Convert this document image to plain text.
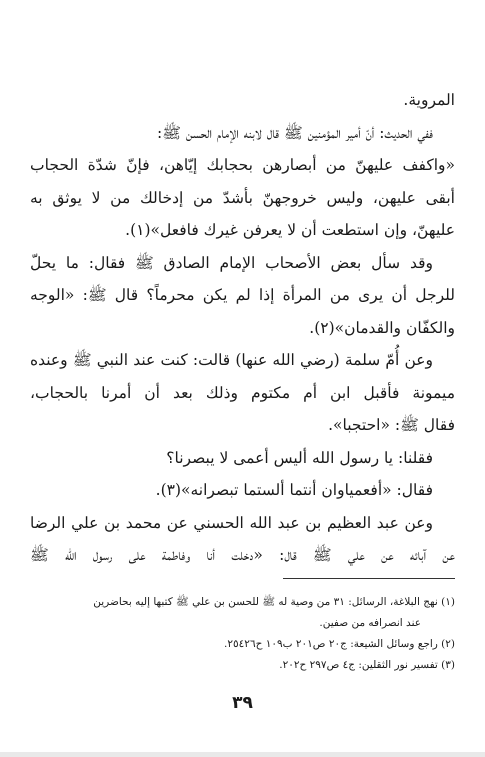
المروية.
ففي الحديث: أنّ أمير المؤمنين ﷺ قال لابنه الإمام الحسن ﷺ:
«واكفف عليهنّ من أبصارهن بحجابك إيّاهن، فإنّ شدّة الحجاب
أبقى عليهن، وليس خروجهنّ بأشدّ من إدخالك من لا يوثق به
عليهنّ، وإن استطعت أن لا يعرفن غيرك فافعل»(١).
وقد سأل بعض الأصحاب الإمام الصادق ﷺ فقال: ما يحلّ
للرجل أن يرى من المرأة إذا لم يكن محرماً؟ قال ﷺ: «الوجه
والكفّان والقدمان»(٢).
وعن أُمّ سلمة (رضي الله عنها) قالت: كنت عند النبي ﷺ وعنده
ميمونة فأقبل ابن أم مكتوم وذلك بعد أن أمرنا بالحجاب،
فقال ﷺ: «احتجبا».
فقلنا: يا رسول الله أليس أعمى لا يبصرنا؟
فقال: «أفعمياوان أنتما ألستما تبصرانه»(٣).
وعن عبد العظيم بن عبد الله الحسني عن محمد بن علي الرضا
عن آبائه عن علي ﷺ قال: «دخلت أنا وفاطمة على رسول الله ﷺ
(١) نهج البلاغة، الرسائل: ٣١ من وصية له ﷺ للحسن بن علي ﷺ كتبها إليه بحاضرين
عند انصرافه من صفين.
(٢) راجع وسائل الشيعة: ج٢٠ ص٢٠١ ب١٠٩ ح٢٥٤٢٦.
(٣) تفسير نور الثقلين: ج٤ ص٢٩٧ ح٢٠٢.
٣٩
